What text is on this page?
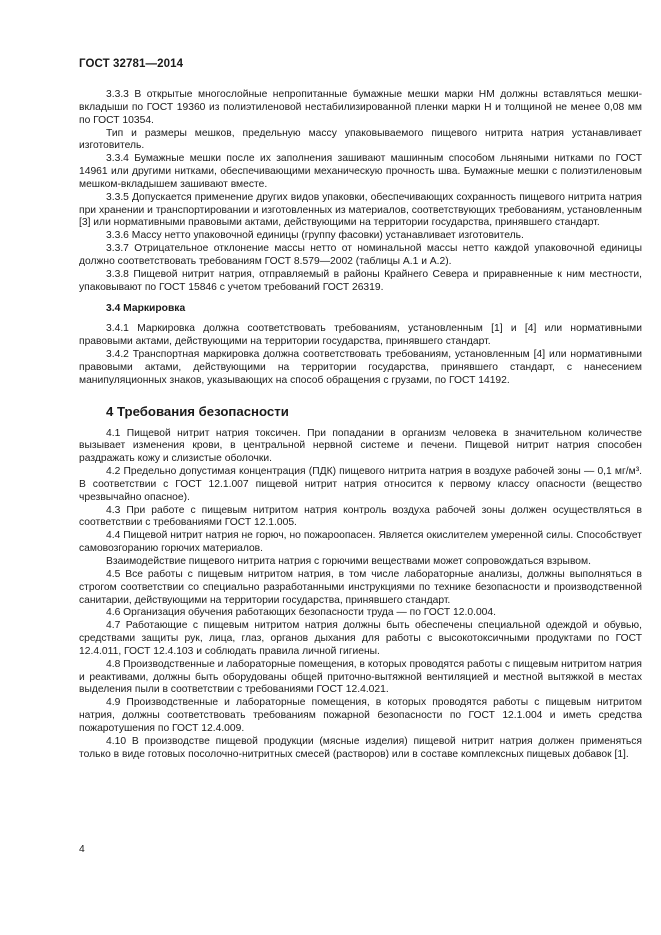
ГОСТ 32781—2014

3.3.3 В открытые многослойные непропитанные бумажные мешки марки НМ должны вставляться мешки-вкладыши по ГОСТ 19360 из полиэтиленовой нестабилизированной пленки марки Н и толщиной не менее 0,08 мм по ГОСТ 10354.

Тип и размеры мешков, предельную массу упаковываемого пищевого нитрита натрия устанавливает изготовитель.

3.3.4 Бумажные мешки после их заполнения зашивают машинным способом льняными нитками по ГОСТ 14961 или другими нитками, обеспечивающими механическую прочность шва. Бумажные мешки с полиэтиленовым мешком-вкладышем зашивают вместе.

3.3.5 Допускается применение других видов упаковки, обеспечивающих сохранность пищевого нитрита натрия при хранении и транспортировании и изготовленных из материалов, соответствующих требованиям, установленным [3] или нормативными правовыми актами, действующими на территории государства, принявшего стандарт.

3.3.6 Массу нетто упаковочной единицы (группу фасовки) устанавливает изготовитель.

3.3.7 Отрицательное отклонение массы нетто от номинальной массы нетто каждой упаковочной единицы должно соответствовать требованиям ГОСТ 8.579—2002 (таблицы А.1 и А.2).

3.3.8 Пищевой нитрит натрия, отправляемый в районы Крайнего Севера и приравненные к ним местности, упаковывают по ГОСТ 15846 с учетом требований ГОСТ 26319.

3.4 Маркировка

3.4.1 Маркировка должна соответствовать требованиям, установленным [1] и [4] или нормативными правовыми актами, действующими на территории государства, принявшего стандарт.

3.4.2 Транспортная маркировка должна соответствовать требованиям, установленным [4] или нормативными правовыми актами, действующими на территории государства, принявшего стандарт, с нанесением манипуляционных знаков, указывающих на способ обращения с грузами, по ГОСТ 14192.

4 Требования безопасности

4.1 Пищевой нитрит натрия токсичен. При попадании в организм человека в значительном количестве вызывает изменения крови, в центральной нервной системе и печени. Пищевой нитрит натрия способен раздражать кожу и слизистые оболочки.

4.2 Предельно допустимая концентрация (ПДК) пищевого нитрита натрия в воздухе рабочей зоны — 0,1 мг/м³. В соответствии с ГОСТ 12.1.007 пищевой нитрит натрия относится к первому классу опасности (вещество чрезвычайно опасное).

4.3 При работе с пищевым нитритом натрия контроль воздуха рабочей зоны должен осуществляться в соответствии с требованиями ГОСТ 12.1.005.

4.4 Пищевой нитрит натрия не горюч, но пожароопасен. Является окислителем умеренной силы. Способствует самовозгоранию горючих материалов.

Взаимодействие пищевого нитрита натрия с горючими веществами может сопровождаться взрывом.

4.5 Все работы с пищевым нитритом натрия, в том числе лабораторные анализы, должны выполняться в строгом соответствии со специально разработанными инструкциями по технике безопасности и производственной санитарии, действующими на территории государства, принявшего стандарт.

4.6 Организация обучения работающих безопасности труда — по ГОСТ 12.0.004.

4.7 Работающие с пищевым нитритом натрия должны быть обеспечены специальной одеждой и обувью, средствами защиты рук, лица, глаз, органов дыхания для работы с высокотоксичными продуктами по ГОСТ 12.4.011, ГОСТ 12.4.103 и соблюдать правила личной гигиены.

4.8 Производственные и лабораторные помещения, в которых проводятся работы с пищевым нитритом натрия и реактивами, должны быть оборудованы общей приточно-вытяжной вентиляцией и местной вытяжкой в местах выделения пыли в соответствии с требованиями ГОСТ 12.4.021.

4.9 Производственные и лабораторные помещения, в которых проводятся работы с пищевым нитритом натрия, должны соответствовать требованиям пожарной безопасности по ГОСТ 12.1.004 и иметь средства пожаротушения по ГОСТ 12.4.009.

4.10 В производстве пищевой продукции (мясные изделия) пищевой нитрит натрия должен применяться только в виде готовых посолочно-нитритных смесей (растворов) или в составе комплексных пищевых добавок [1].

4
